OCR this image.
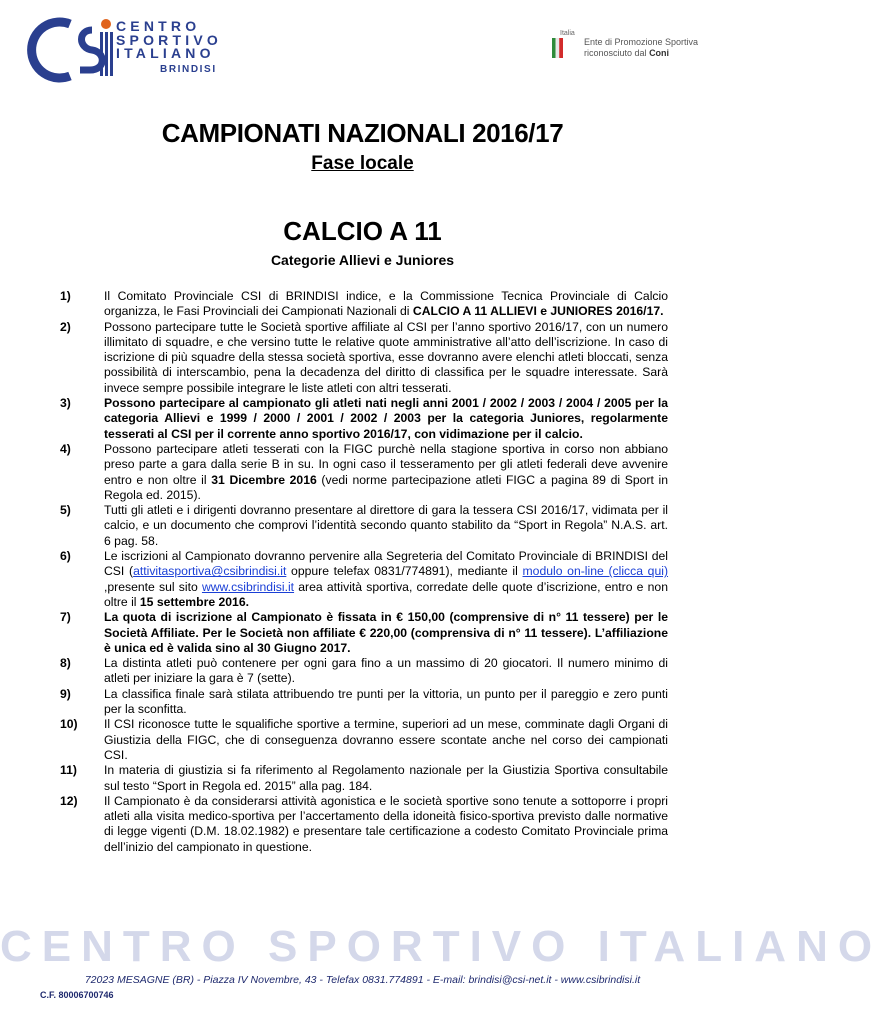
CENTRO
SPORTIVO
ITALIANO
BRINDISI
Italia
Ente di Promozione Sportiva
riconosciuto dal Coni
CAMPIONATI NAZIONALI 2016/17
Fase locale
CALCIO A 11
Categorie Allievi e Juniores
1)	Il Comitato Provinciale CSI di BRINDISI indice, e la Commissione Tecnica Provinciale di Calcio organizza, le Fasi Provinciali dei Campionati Nazionali di CALCIO A 11 ALLIEVI e JUNIORES 2016/17.
2)	Possono partecipare tutte le Società sportive affiliate al CSI per l’anno sportivo 2016/17, con un numero illimitato di squadre, e che versino tutte le relative quote amministrative all’atto dell’iscrizione. In caso di iscrizione di più squadre della stessa società sportiva, esse dovranno avere elenchi atleti bloccati, senza possibilità di interscambio, pena la decadenza del diritto di classifica per le squadre interessate. Sarà invece sempre possibile integrare le liste atleti con altri tesserati.
3)	Possono partecipare al campionato gli atleti nati negli anni 2001 / 2002 / 2003 / 2004 / 2005 per la categoria Allievi e 1999 / 2000 / 2001 / 2002 / 2003 per la categoria Juniores, regolarmente tesserati al CSI per il corrente anno sportivo 2016/17, con vidimazione per il calcio.
4)	Possono partecipare atleti tesserati con la FIGC purchè nella stagione sportiva in corso non abbiano preso parte a gara dalla serie B in su. In ogni caso il tesseramento per gli atleti federali deve avvenire entro e non oltre il 31 Dicembre 2016 (vedi norme partecipazione atleti FIGC a pagina 89 di Sport in Regola ed. 2015).
5)	Tutti gli atleti e i dirigenti dovranno presentare al direttore di gara la tessera CSI 2016/17, vidimata per il calcio, e un documento che comprovi l’identità secondo quanto stabilito da “Sport in Regola” N.A.S. art. 6 pag. 58.
6)	Le iscrizioni al Campionato dovranno pervenire alla Segreteria del Comitato Provinciale di BRINDISI del CSI (attivitasportiva@csibrindisi.it oppure telefax 0831/774891), mediante il modulo on-line (clicca qui) ,presente sul sito www.csibrindisi.it area attività sportiva, corredate delle quote d’iscrizione, entro e non oltre il 15 settembre 2016.
7)	La quota di iscrizione al Campionato è fissata in € 150,00 (comprensive di n° 11 tessere) per le Società Affiliate. Per le Società non affiliate € 220,00 (comprensiva di n° 11 tessere). L’affiliazione è unica ed è valida sino al 30 Giugno 2017.
8)	La distinta atleti può contenere per ogni gara fino a un massimo di 20 giocatori. Il numero minimo di atleti per iniziare la gara è 7 (sette).
9)	La classifica finale sarà stilata attribuendo tre punti per la vittoria, un punto per il pareggio e zero punti per la sconfitta.
10)	Il CSI riconosce tutte le squalifiche sportive a termine, superiori ad un mese, comminate dagli Organi di Giustizia della FIGC, che di conseguenza dovranno essere scontate anche nel corso dei campionati CSI.
11)	In materia di giustizia si fa riferimento al Regolamento nazionale per la Giustizia Sportiva consultabile sul testo “Sport in Regola ed. 2015” alla pag. 184.
12)	Il Campionato è da considerarsi attività agonistica e le società sportive sono tenute a sottoporre i propri atleti alla visita medico-sportiva per l’accertamento della idoneità fisico-sportiva previsto dalle normative di legge vigenti (D.M. 18.02.1982) e presentare tale certificazione a codesto Comitato Provinciale prima dell’inizio del campionato in questione.
CENTRO SPORTIVO ITALIANO
72023 MESAGNE (BR) - Piazza IV Novembre, 43 - Telefax 0831.774891 - E-mail: brindisi@csi-net.it - www.csibrindisi.it
C.F. 80006700746
